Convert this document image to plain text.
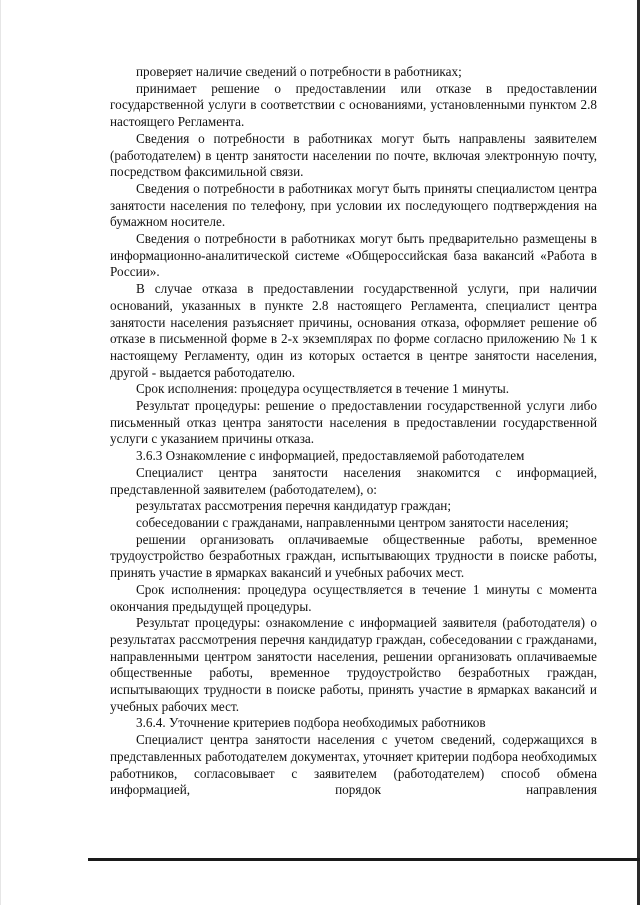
проверяет наличие сведений о потребности в работниках;

принимает решение о предоставлении или отказе в предоставлении государственной услуги в соответствии с основаниями, установленными пунктом 2.8 настоящего Регламента.

Сведения о потребности в работниках могут быть направлены заявителем (работодателем) в центр занятости населении по почте, включая электронную почту, посредством факсимильной связи.

Сведения о потребности в работниках могут быть приняты специалистом центра занятости населения по телефону, при условии их последующего подтверждения на бумажном носителе.

Сведения о потребности в работниках могут быть предварительно размещены в информационно-аналитической системе «Общероссийская база вакансий «Работа в России».

В случае отказа в предоставлении государственной услуги, при наличии оснований, указанных в пункте 2.8 настоящего Регламента, специалист центра занятости населения разъясняет причины, основания отказа, оформляет решение об отказе в письменной форме в 2-х экземплярах по форме согласно приложению № 1 к настоящему Регламенту, один из которых остается в центре занятости населения, другой - выдается работодателю.

Срок исполнения: процедура осуществляется в течение 1 минуты.

Результат процедуры: решение о предоставлении государственной услуги либо письменный отказ центра занятости населения в предоставлении государственной услуги с указанием причины отказа.

3.6.3 Ознакомление с информацией, предоставляемой работодателем

Специалист центра занятости населения знакомится с информацией, представленной заявителем (работодателем), о:

результатах рассмотрения перечня кандидатур граждан;

собеседовании с гражданами, направленными центром занятости населения;

решении организовать оплачиваемые общественные работы, временное трудоустройство безработных граждан, испытывающих трудности в поиске работы, принять участие в ярмарках вакансий и учебных рабочих мест.

Срок исполнения: процедура осуществляется в течение 1 минуты с момента окончания предыдущей процедуры.

Результат процедуры: ознакомление с информацией заявителя (работодателя) о результатах рассмотрения перечня кандидатур граждан, собеседовании с гражданами, направленными центром занятости населения, решении организовать оплачиваемые общественные работы, временное трудоустройство безработных граждан, испытывающих трудности в поиске работы, принять участие в ярмарках вакансий и учебных рабочих мест.

3.6.4. Уточнение критериев подбора необходимых работников

Специалист центра занятости населения с учетом сведений, содержащихся в представленных работодателем документах, уточняет критерии подбора необходимых работников, согласовывает с заявителем (работодателем) способ обмена информацией, порядок направления
